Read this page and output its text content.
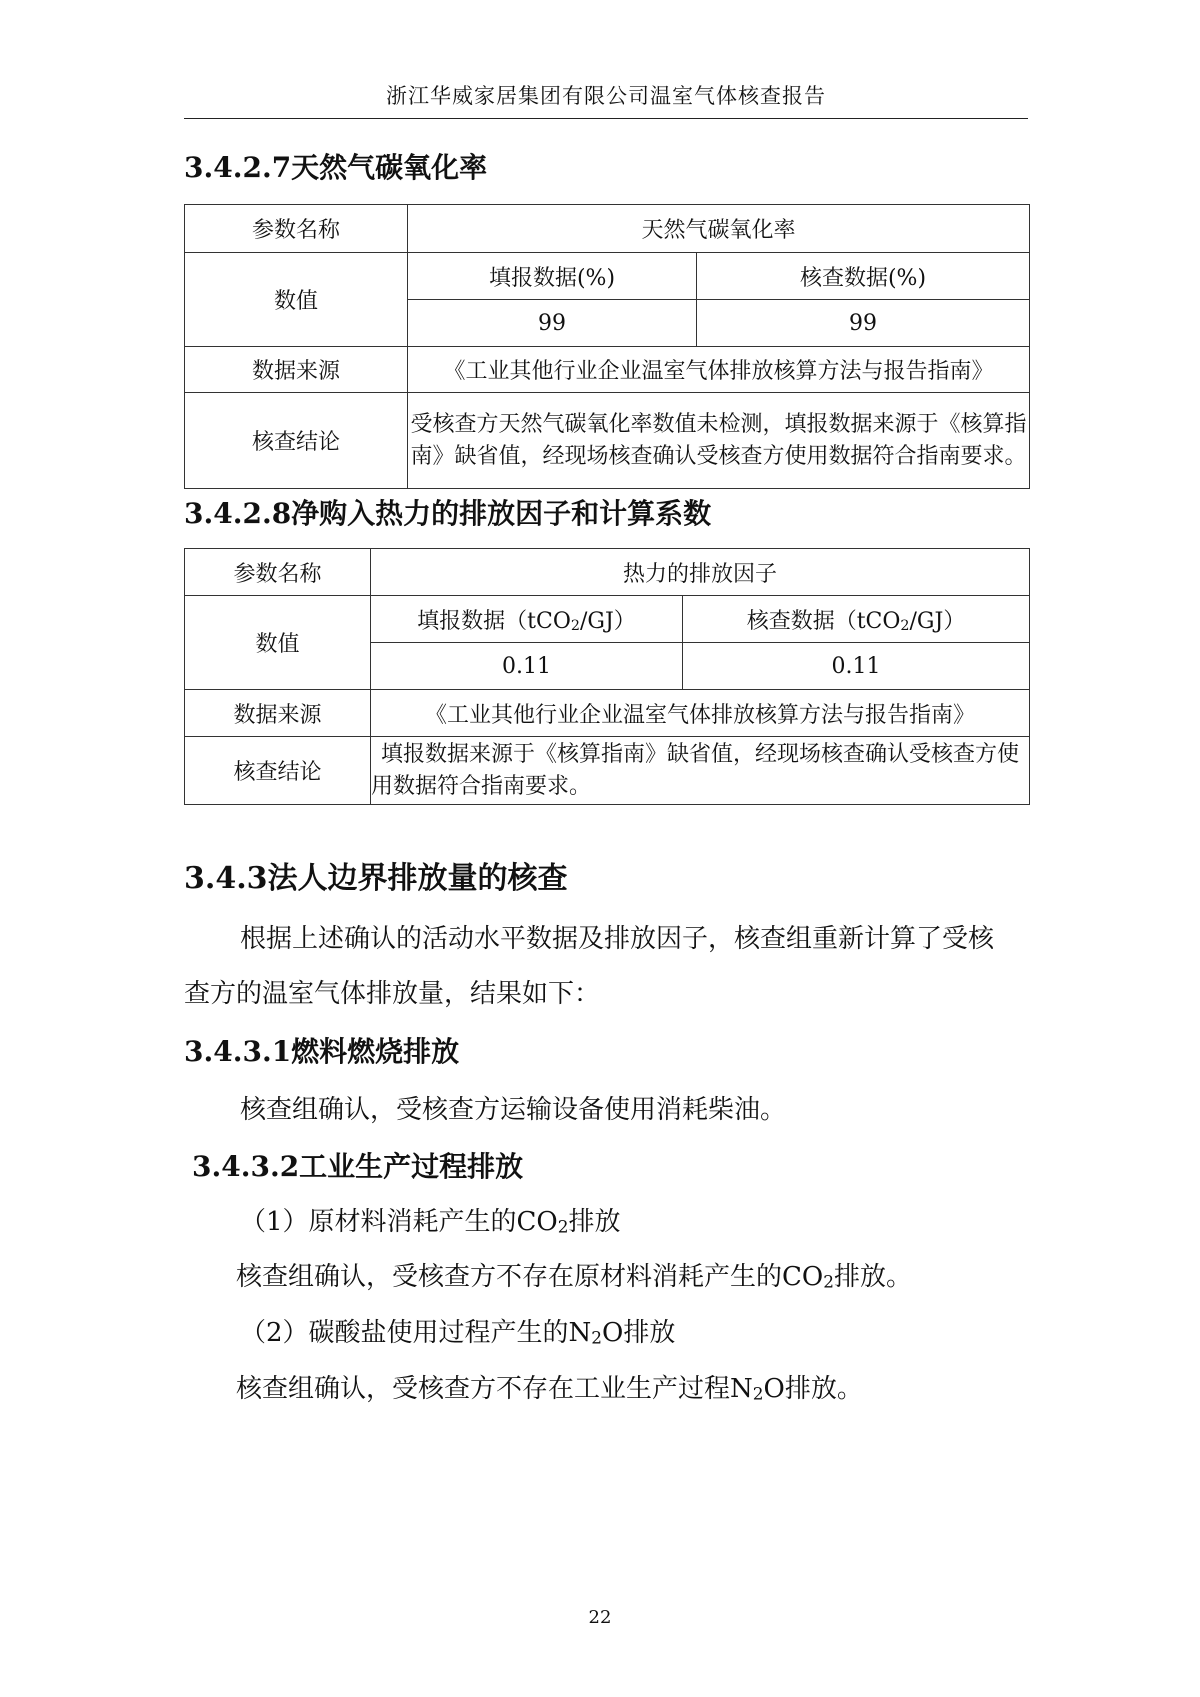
浙江华威家居集团有限公司温室气体核查报告
3.4.2.7天然气碳氧化率
参数名称	天然气碳氧化率	
数值	填报数据(%)	核查数据(%)
	99	99
数据来源	《工业其他行业企业温室气体排放核算方法与报告指南》	
核查结论	受核查方天然气碳氧化率数值未检测，填报数据来源于《核算指南》缺省值，经现场核查确认受核查方使用数据符合指南要求。	
3.4.2.8净购入热力的排放因子和计算系数
参数名称	热力的排放因子	
数值	填报数据（tCO$_2$/GJ）	核查数据（tCO$_2$/GJ）
	0.11	0.11
数据来源	《工业其他行业企业温室气体排放核算方法与报告指南》	
核查结论	填报数据来源于《核算指南》缺省值，经现场核查确认受核查方使用数据符合指南要求。	
3.4.3法人边界排放量的核查
根据上述确认的活动水平数据及排放因子，核查组重新计算了受核
查方的温室气体排放量，结果如下：
3.4.3.1燃料燃烧排放
核查组确认，受核查方运输设备使用消耗柴油。
3.4.3.2工业生产过程排放
（1）原材料消耗产生的$CO_2$排放
核查组确认，受核查方不存在原材料消耗产生的$CO_2$排放。
（2）碳酸盐使用过程产生的$N_2O$排放
核查组确认，受核查方不存在工业生产过程$N_2O$排放。
22
